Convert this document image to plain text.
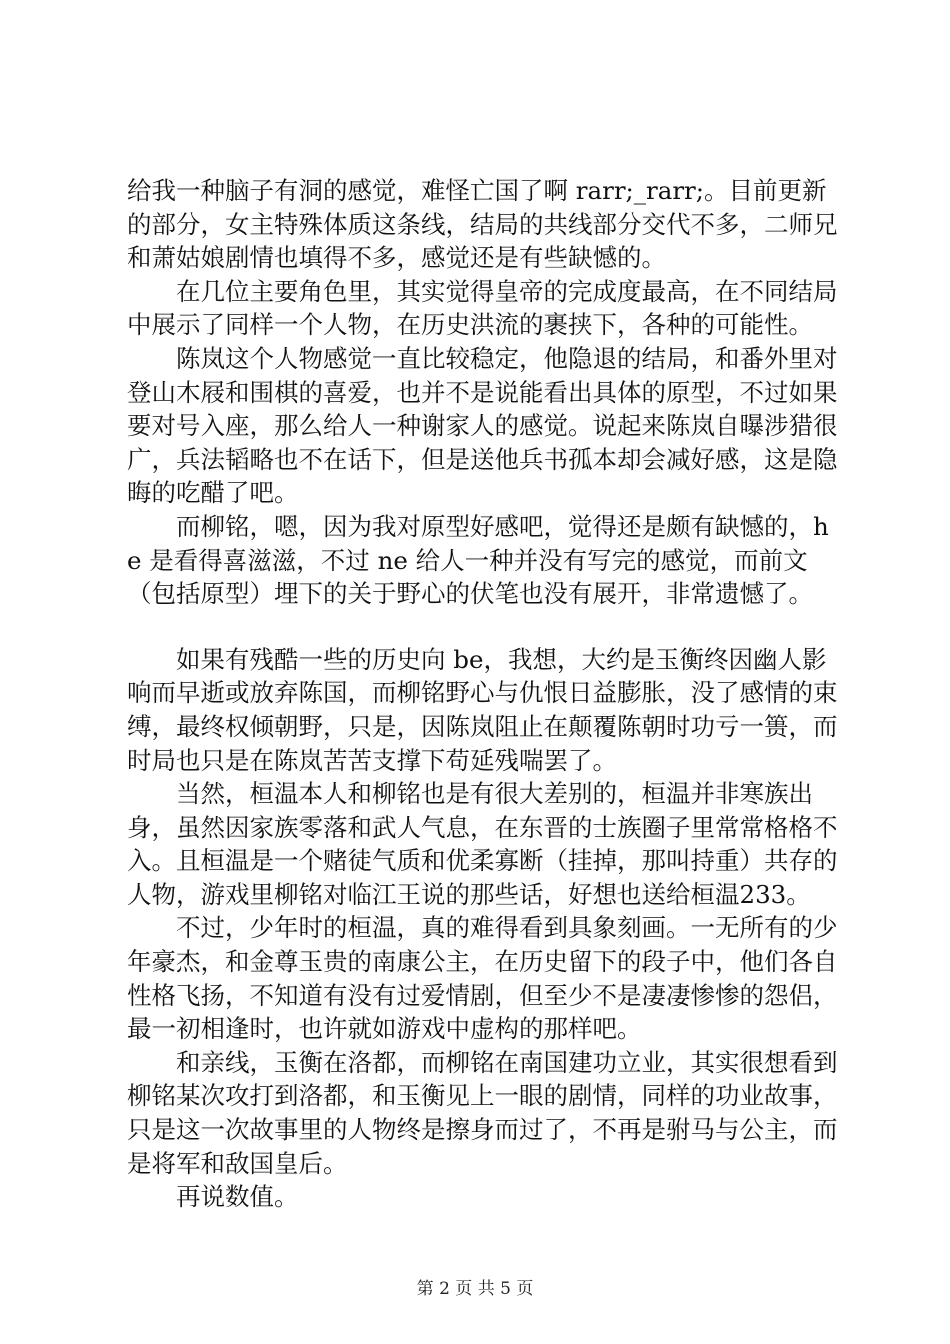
给我一种脑子有洞的感觉，难怪亡国了啊 rarr;_rarr;。目前更新的部分，女主特殊体质这条线，结局的共线部分交代不多，二师兄和萧姑娘剧情也填得不多，感觉还是有些缺憾的。

在几位主要角色里，其实觉得皇帝的完成度最高，在不同结局中展示了同样一个人物，在历史洪流的裹挟下，各种的可能性。

陈岚这个人物感觉一直比较稳定，他隐退的结局，和番外里对登山木屐和围棋的喜爱，也并不是说能看出具体的原型，不过如果要对号入座，那么给人一种谢家人的感觉。说起来陈岚自曝涉猎很广，兵法韬略也不在话下，但是送他兵书孤本却会减好感，这是隐晦的吃醋了吧。

而柳铭，嗯，因为我对原型好感吧，觉得还是颇有缺憾的，he 是看得喜滋滋，不过 ne 给人一种并没有写完的感觉，而前文（包括原型）埋下的关于野心的伏笔也没有展开，非常遗憾了。

如果有残酷一些的历史向 be，我想，大约是玉衡终因幽人影响而早逝或放弃陈国，而柳铭野心与仇恨日益膨胀，没了感情的束缚，最终权倾朝野，只是，因陈岚阻止在颠覆陈朝时功亏一篑，而时局也只是在陈岚苦苦支撑下苟延残喘罢了。

当然，桓温本人和柳铭也是有很大差别的，桓温并非寒族出身，虽然因家族零落和武人气息，在东晋的士族圈子里常常格格不入。且桓温是一个赌徒气质和优柔寡断（挂掉，那叫持重）共存的人物，游戏里柳铭对临江王说的那些话，好想也送给桓温233。

不过，少年时的桓温，真的难得看到具象刻画。一无所有的少年豪杰，和金尊玉贵的南康公主，在历史留下的段子中，他们各自性格飞扬，不知道有没有过爱情剧，但至少不是凄凄惨惨的怨侣，最一初相逢时，也许就如游戏中虚构的那样吧。

和亲线，玉衡在洛都，而柳铭在南国建功立业，其实很想看到柳铭某次攻打到洛都，和玉衡见上一眼的剧情，同样的功业故事，只是这一次故事里的人物终是擦身而过了，不再是驸马与公主，而是将军和敌国皇后。

再说数值。

第 2 页 共 5 页
